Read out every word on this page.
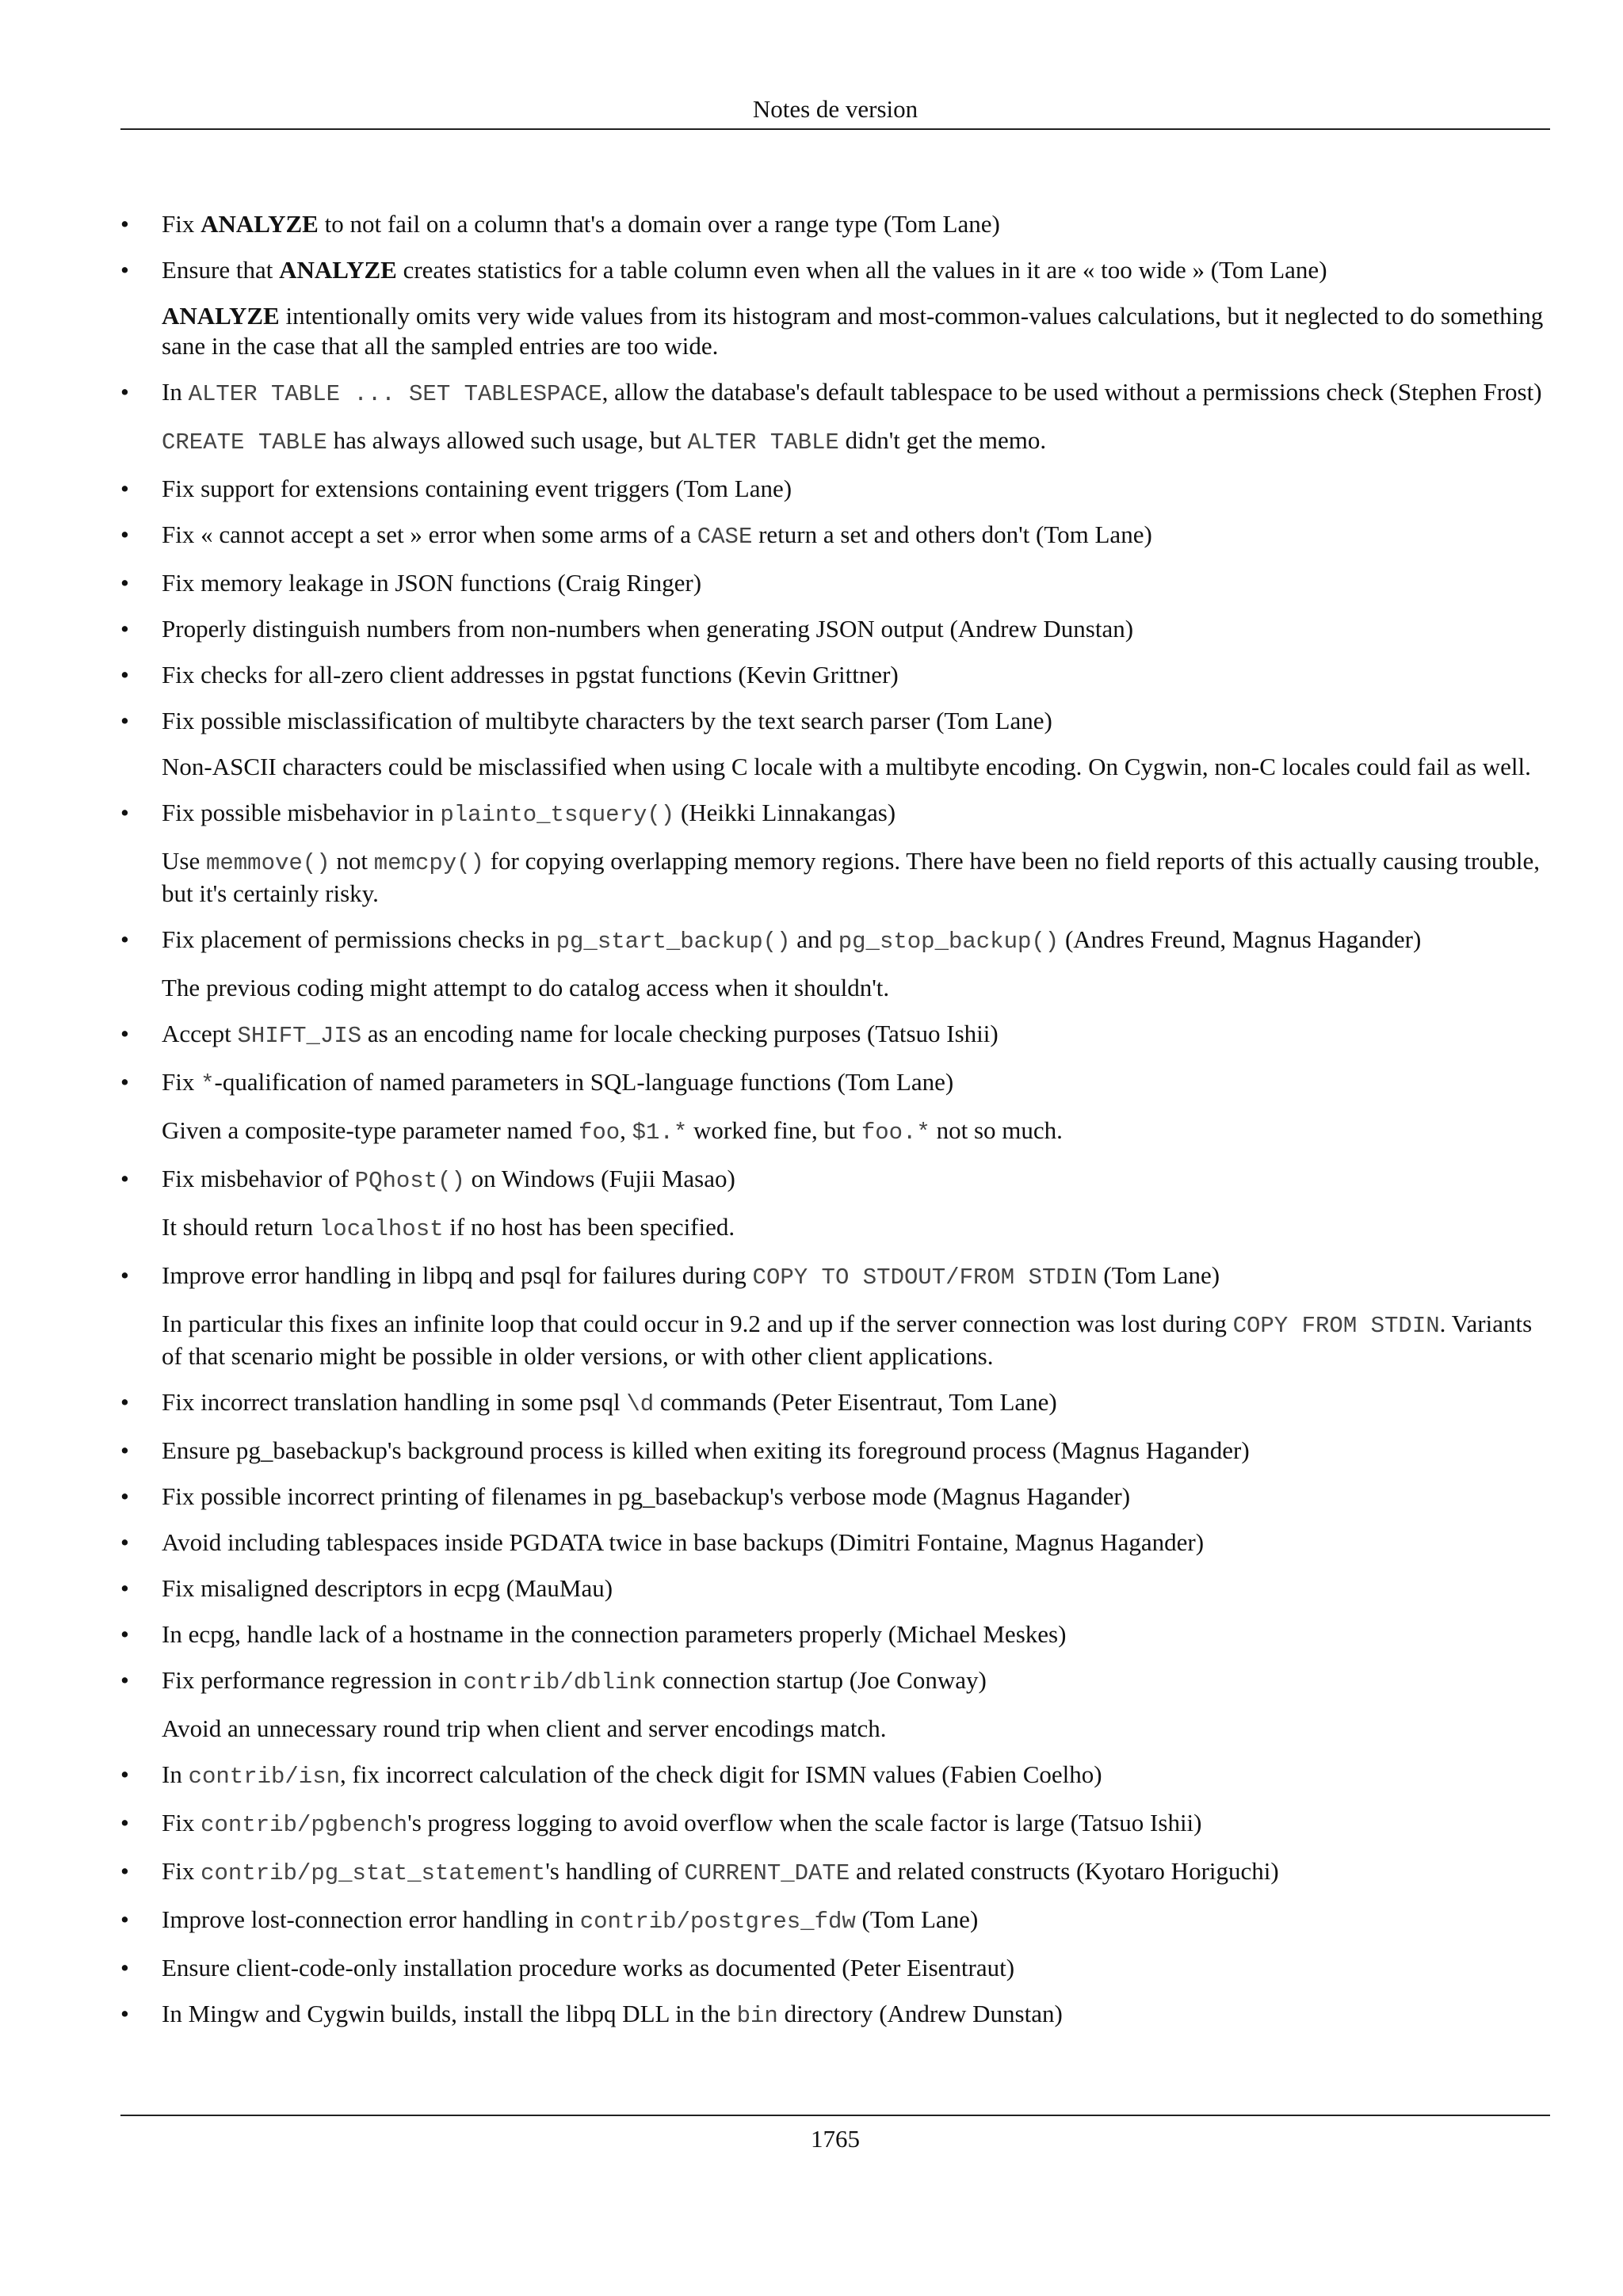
Notes de version
•	Fix ANALYZE to not fail on a column that's a domain over a range type (Tom Lane)
•	Ensure that ANALYZE creates statistics for a table column even when all the values in it are « too wide » (Tom Lane)
ANALYZE intentionally omits very wide values from its histogram and most-common-values calculations, but it neglected to do something sane in the case that all the sampled entries are too wide.
•	In ALTER TABLE ... SET TABLESPACE, allow the database's default tablespace to be used without a permissions check (Stephen Frost)
CREATE TABLE has always allowed such usage, but ALTER TABLE didn't get the memo.
•	Fix support for extensions containing event triggers (Tom Lane)
•	Fix « cannot accept a set » error when some arms of a CASE return a set and others don't (Tom Lane)
•	Fix memory leakage in JSON functions (Craig Ringer)
•	Properly distinguish numbers from non-numbers when generating JSON output (Andrew Dunstan)
•	Fix checks for all-zero client addresses in pgstat functions (Kevin Grittner)
•	Fix possible misclassification of multibyte characters by the text search parser (Tom Lane)
Non-ASCII characters could be misclassified when using C locale with a multibyte encoding. On Cygwin, non-C locales could fail as well.
•	Fix possible misbehavior in plainto_tsquery() (Heikki Linnakangas)
Use memmove() not memcpy() for copying overlapping memory regions. There have been no field reports of this actually causing trouble, but it's certainly risky.
•	Fix placement of permissions checks in pg_start_backup() and pg_stop_backup() (Andres Freund, Magnus Hagander)
The previous coding might attempt to do catalog access when it shouldn't.
•	Accept SHIFT_JIS as an encoding name for locale checking purposes (Tatsuo Ishii)
•	Fix *-qualification of named parameters in SQL-language functions (Tom Lane)
Given a composite-type parameter named foo, $1.* worked fine, but foo.* not so much.
•	Fix misbehavior of PQhost() on Windows (Fujii Masao)
It should return localhost if no host has been specified.
•	Improve error handling in libpq and psql for failures during COPY TO STDOUT/FROM STDIN (Tom Lane)
In particular this fixes an infinite loop that could occur in 9.2 and up if the server connection was lost during COPY FROM STDIN. Variants of that scenario might be possible in older versions, or with other client applications.
•	Fix incorrect translation handling in some psql \d commands (Peter Eisentraut, Tom Lane)
•	Ensure pg_basebackup's background process is killed when exiting its foreground process (Magnus Hagander)
•	Fix possible incorrect printing of filenames in pg_basebackup's verbose mode (Magnus Hagander)
•	Avoid including tablespaces inside PGDATA twice in base backups (Dimitri Fontaine, Magnus Hagander)
•	Fix misaligned descriptors in ecpg (MauMau)
•	In ecpg, handle lack of a hostname in the connection parameters properly (Michael Meskes)
•	Fix performance regression in contrib/dblink connection startup (Joe Conway)
Avoid an unnecessary round trip when client and server encodings match.
•	In contrib/isn, fix incorrect calculation of the check digit for ISMN values (Fabien Coelho)
•	Fix contrib/pgbench's progress logging to avoid overflow when the scale factor is large (Tatsuo Ishii)
•	Fix contrib/pg_stat_statement's handling of CURRENT_DATE and related constructs (Kyotaro Horiguchi)
•	Improve lost-connection error handling in contrib/postgres_fdw (Tom Lane)
•	Ensure client-code-only installation procedure works as documented (Peter Eisentraut)
•	In Mingw and Cygwin builds, install the libpq DLL in the bin directory (Andrew Dunstan)
1765
